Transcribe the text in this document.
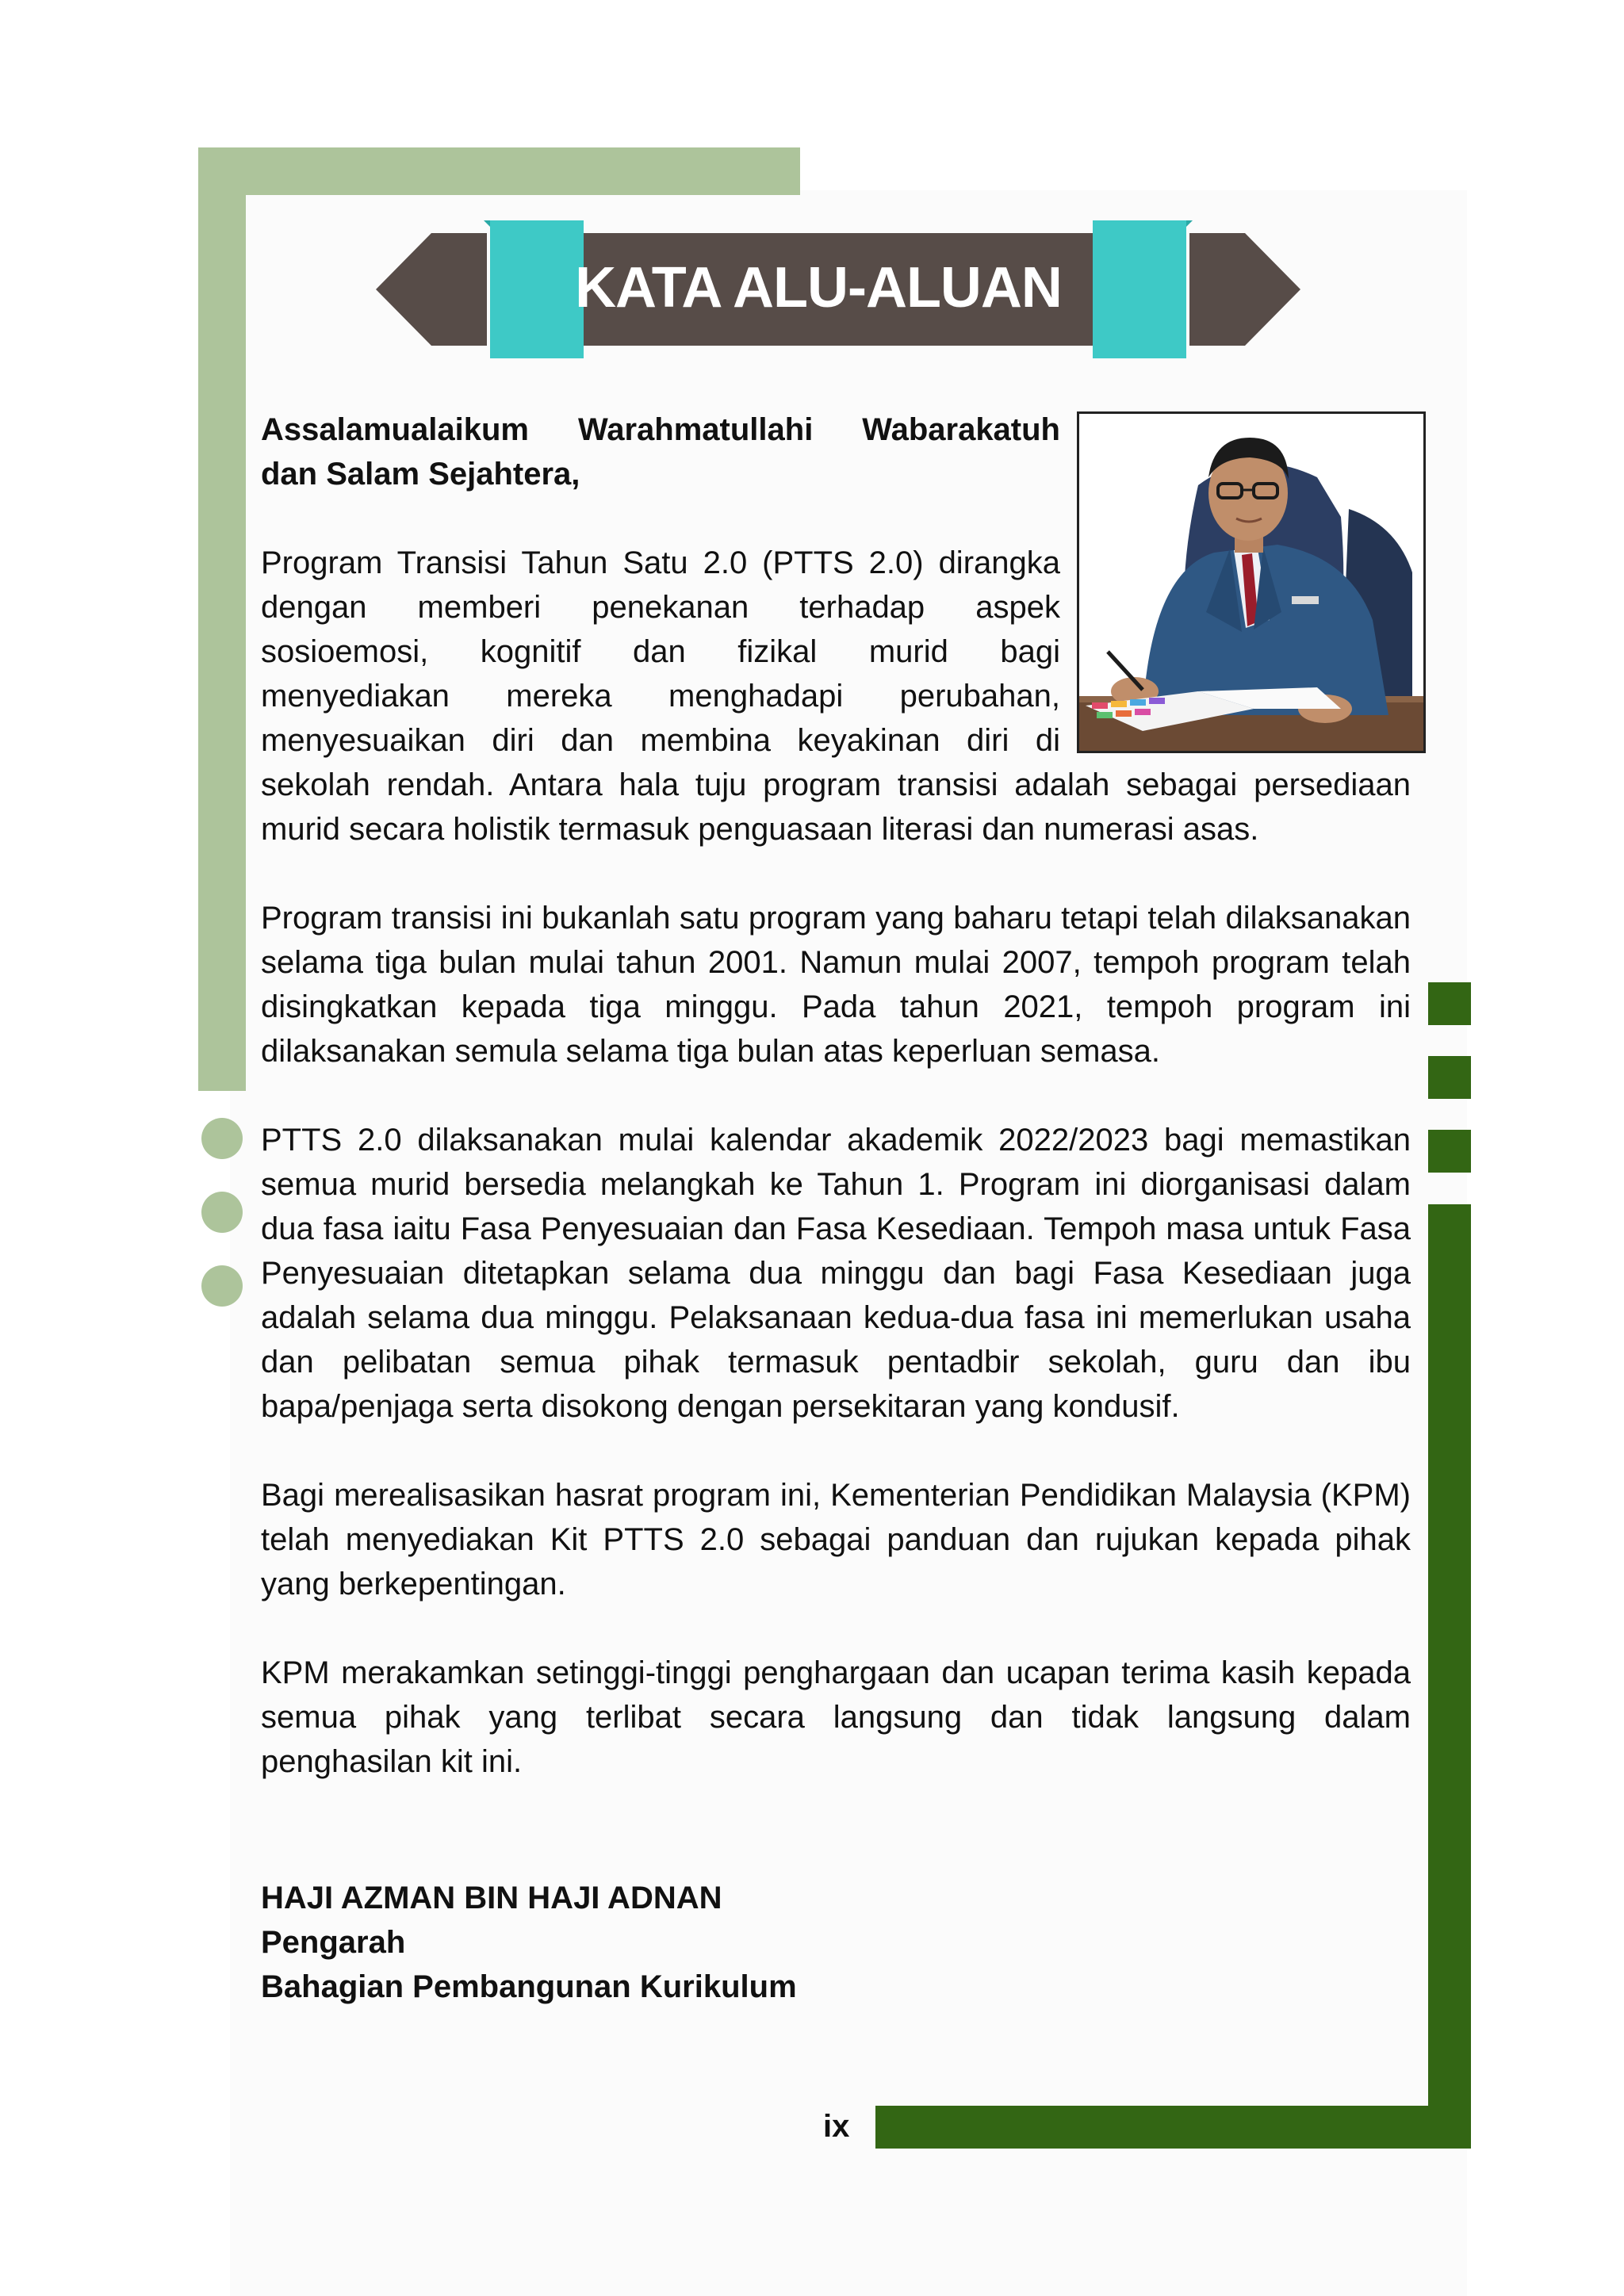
KATA ALU-ALUAN
Assalamualaikum Warahmatullahi Wabarakatuh
dan Salam Sejahtera,
Program Transisi Tahun Satu 2.0 (PTTS 2.0) dirangka
dengan memberi penekanan terhadap aspek
sosioemosi, kognitif dan fizikal murid bagi
menyediakan mereka menghadapi perubahan,
menyesuaikan diri dan membina keyakinan diri di
sekolah rendah. Antara hala tuju program transisi adalah sebagai persediaan murid secara holistik termasuk penguasaan literasi dan numerasi asas.
Program transisi ini bukanlah satu program yang baharu tetapi telah dilaksanakan selama tiga bulan mulai tahun 2001. Namun mulai 2007, tempoh program telah disingkatkan kepada tiga minggu. Pada tahun 2021, tempoh program ini dilaksanakan semula selama tiga bulan atas keperluan semasa.
PTTS 2.0 dilaksanakan mulai kalendar akademik 2022/2023 bagi memastikan semua murid bersedia melangkah ke Tahun 1. Program ini diorganisasi dalam dua fasa iaitu Fasa Penyesuaian dan Fasa Kesediaan. Tempoh masa untuk Fasa Penyesuaian ditetapkan selama dua minggu dan bagi Fasa Kesediaan juga adalah selama dua minggu. Pelaksanaan kedua-dua fasa ini memerlukan usaha dan pelibatan semua pihak termasuk pentadbir sekolah, guru dan ibu bapa/penjaga serta disokong dengan persekitaran yang kondusif.
Bagi merealisasikan hasrat program ini, Kementerian Pendidikan Malaysia (KPM) telah menyediakan Kit PTTS 2.0 sebagai panduan dan rujukan kepada pihak yang berkepentingan.
KPM merakamkan setinggi-tinggi penghargaan dan ucapan terima kasih kepada semua pihak yang terlibat secara langsung dan tidak langsung dalam penghasilan kit ini.
HAJI AZMAN BIN HAJI ADNAN
Pengarah
Bahagian Pembangunan Kurikulum
ix
